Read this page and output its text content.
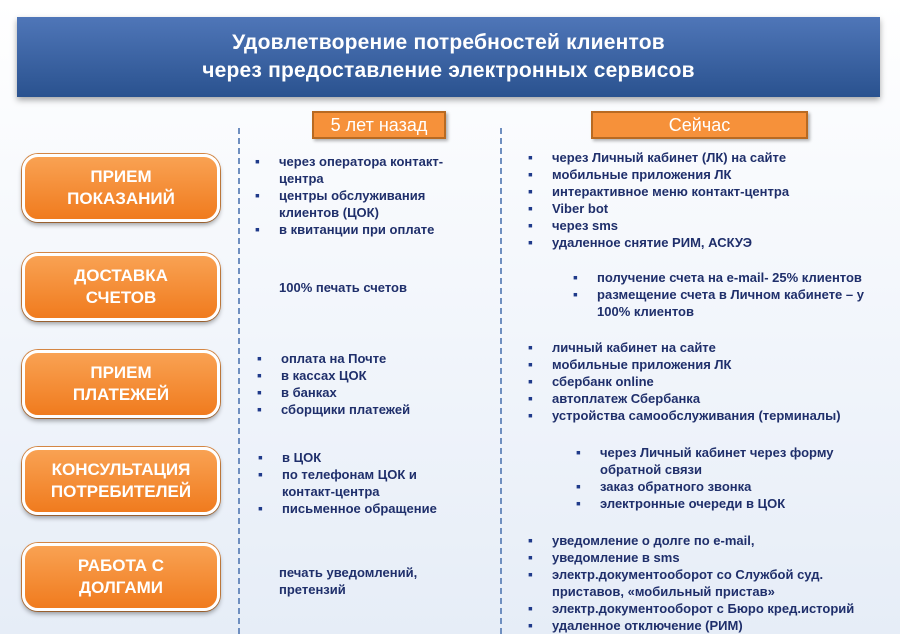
Удовлетворение потребностей клиентов
через предоставление электронных сервисов
5 лет назад	Сейчас
ПРИЕМ
ПОКАЗАНИЙ
ДОСТАВКА
СЧЕТОВ
ПРИЕМ
ПЛАТЕЖЕЙ
КОНСУЛЬТАЦИЯ
ПОТРЕБИТЕЛЕЙ
РАБОТА С
ДОЛГАМИ
▪ через оператора контакт-центра
▪ центры обслуживания клиентов (ЦОК)
▪ в квитанции при оплате

100% печать счетов

▪ оплата на Почте
▪ в кассах ЦОК
▪ в банках
▪ сборщики платежей
▪ в ЦОК
▪ по телефонам ЦОК и контакт-центра
▪ письменное обращение

печать уведомлений, претензий

▪ через Личный кабинет (ЛК) на сайте
▪ мобильные приложения ЛК
▪ интерактивное меню контакт-центра
▪ Viber bot
▪ через sms
▪ удаленное снятие РИМ, АСКУЭ
▪ получение счета на e-mail- 25% клиентов
▪ размещение счета в Личном кабинете – у 100% клиентов
▪ личный кабинет на сайте
▪ мобильные приложения ЛК
▪ сбербанк online
▪ автоплатеж Сбербанка
▪ устройства самообслуживания (терминалы)
▪ через Личный кабинет через форму обратной связи
▪ заказ обратного звонка
▪ электронные очереди в ЦОК
▪ уведомление о долге по e-mail,
▪ уведомление в sms
▪ электр.документооборот со Службой суд. приставов, «мобильный пристав»
▪ электр.документооборот с Бюро кред.историй
▪ удаленное отключение (РИМ)
